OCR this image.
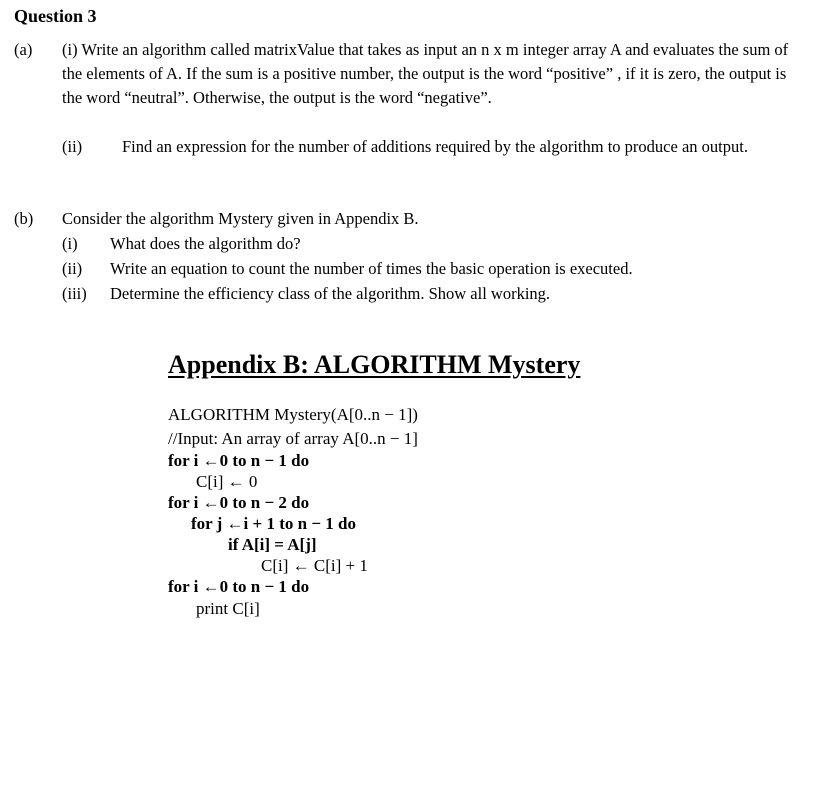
Question 3
(a) (i) Write an algorithm called matrixValue that takes as input an n x m integer array A and evaluates the sum of the elements of A. If the sum is a positive number, the output is the word “positive” , if it is zero, the output is the word “neutral”. Otherwise, the output is the word “negative”.
(ii) Find an expression for the number of additions required by the algorithm to produce an output.
(b) Consider the algorithm Mystery given in Appendix B.
(i) What does the algorithm do?
(ii) Write an equation to count the number of times the basic operation is executed.
(iii) Determine the efficiency class of the algorithm. Show all working.
Appendix B: ALGORITHM Mystery
ALGORITHM Mystery(A[0..n − 1])
//Input: An array of array A[0..n − 1]
for i ←0 to n − 1 do
C[i] ← 0
for i ←0 to n − 2 do
for j ←i + 1 to n − 1 do
if A[i] = A[j]
C[i] ← C[i] + 1
for i ←0 to n − 1 do
print C[i]
